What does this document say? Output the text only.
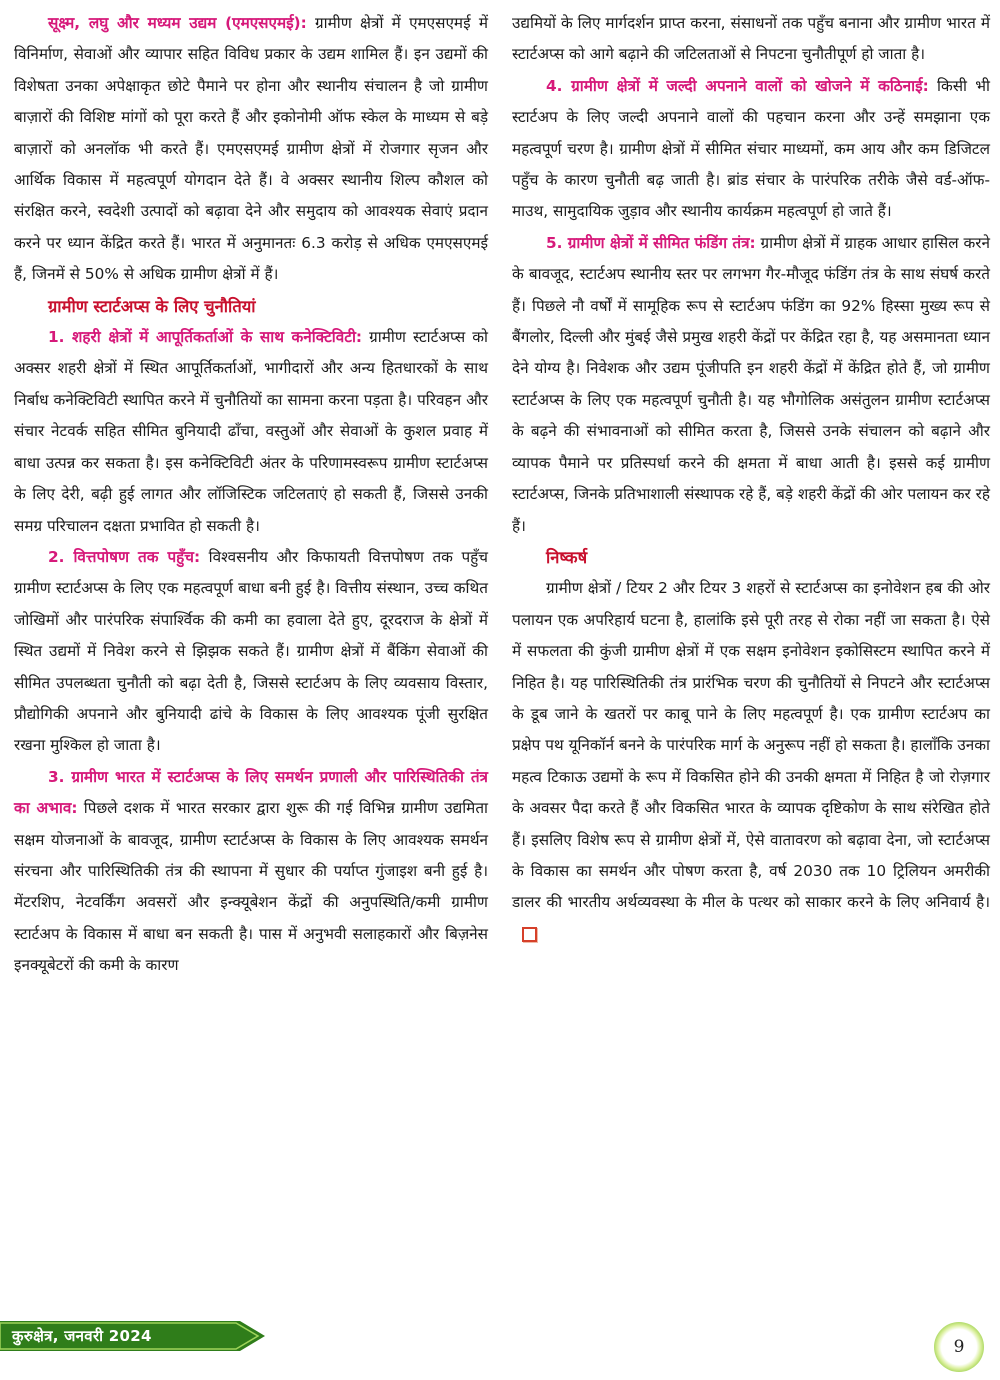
सूक्ष्म, लघु और मध्यम उद्यम (एमएसएमई): ग्रामीण क्षेत्रों में एमएसएमई में विनिर्माण, सेवाओं और व्यापार सहित विविध प्रकार के उद्यम शामिल हैं। इन उद्यमों की विशेषता उनका अपेक्षाकृत छोटे पैमाने पर होना और स्थानीय संचालन है जो ग्रामीण बाज़ारों की विशिष्ट मांगों को पूरा करते हैं और इकोनोमी ऑफ स्केल के माध्यम से बड़े बाज़ारों को अनलॉक भी करते हैं। एमएसएमई ग्रामीण क्षेत्रों में रोजगार सृजन और आर्थिक विकास में महत्वपूर्ण योगदान देते हैं। वे अक्सर स्थानीय शिल्प कौशल को संरक्षित करने, स्वदेशी उत्पादों को बढ़ावा देने और समुदाय को आवश्यक सेवाएं प्रदान करने पर ध्यान केंद्रित करते हैं। भारत में अनुमानतः 6.3 करोड़ से अधिक एमएसएमई हैं, जिनमें से 50% से अधिक ग्रामीण क्षेत्रों में हैं।

ग्रामीण स्टार्टअप्स के लिए चुनौतियां

1. शहरी क्षेत्रों में आपूर्तिकर्ताओं के साथ कनेक्टिविटी: ग्रामीण स्टार्टअप्स को अक्सर शहरी क्षेत्रों में स्थित आपूर्तिकर्ताओं, भागीदारों और अन्य हितधारकों के साथ निर्बाध कनेक्टिविटी स्थापित करने में चुनौतियों का सामना करना पड़ता है। परिवहन और संचार नेटवर्क सहित सीमित बुनियादी ढाँचा, वस्तुओं और सेवाओं के कुशल प्रवाह में बाधा उत्पन्न कर सकता है। इस कनेक्टिविटी अंतर के परिणामस्वरूप ग्रामीण स्टार्टअप्स के लिए देरी, बढ़ी हुई लागत और लॉजिस्टिक जटिलताएं हो सकती हैं, जिससे उनकी समग्र परिचालन दक्षता प्रभावित हो सकती है।

2. वित्तपोषण तक पहुँच: विश्वसनीय और किफायती वित्तपोषण तक पहुँच ग्रामीण स्टार्टअप्स के लिए एक महत्वपूर्ण बाधा बनी हुई है। वित्तीय संस्थान, उच्च कथित जोखिमों और पारंपरिक संपार्श्विक की कमी का हवाला देते हुए, दूरदराज के क्षेत्रों में स्थित उद्यमों में निवेश करने से झिझक सकते हैं। ग्रामीण क्षेत्रों में बैंकिंग सेवाओं की सीमित उपलब्धता चुनौती को बढ़ा देती है, जिससे स्टार्टअप के लिए व्यवसाय विस्तार, प्रौद्योगिकी अपनाने और बुनियादी ढांचे के विकास के लिए आवश्यक पूंजी सुरक्षित रखना मुश्किल हो जाता है।

3. ग्रामीण भारत में स्टार्टअप्स के लिए समर्थन प्रणाली और पारिस्थितिकी तंत्र का अभाव: पिछले दशक में भारत सरकार द्वारा शुरू की गई विभिन्न ग्रामीण उद्यमिता सक्षम योजनाओं के बावजूद, ग्रामीण स्टार्टअप्स के विकास के लिए आवश्यक समर्थन संरचना और पारिस्थितिकी तंत्र की स्थापना में सुधार की पर्याप्त गुंजाइश बनी हुई है। मेंटरशिप, नेटवर्किंग अवसरों और इन्क्यूबेशन केंद्रों की अनुपस्थिति/कमी ग्रामीण स्टार्टअप के विकास में बाधा बन सकती है। पास में अनुभवी सलाहकारों और बिज़नेस इनक्यूबेटरों की कमी के कारण

उद्यमियों के लिए मार्गदर्शन प्राप्त करना, संसाधनों तक पहुँच बनाना और ग्रामीण भारत में स्टार्टअप्स को आगे बढ़ाने की जटिलताओं से निपटना चुनौतीपूर्ण हो जाता है।

4. ग्रामीण क्षेत्रों में जल्दी अपनाने वालों को खोजने में कठिनाई: किसी भी स्टार्टअप के लिए जल्दी अपनाने वालों की पहचान करना और उन्हें समझाना एक महत्वपूर्ण चरण है। ग्रामीण क्षेत्रों में सीमित संचार माध्यमों, कम आय और कम डिजिटल पहुँच के कारण चुनौती बढ़ जाती है। ब्रांड संचार के पारंपरिक तरीके जैसे वर्ड-ऑफ-माउथ, सामुदायिक जुड़ाव और स्थानीय कार्यक्रम महत्वपूर्ण हो जाते हैं।

5. ग्रामीण क्षेत्रों में सीमित फंडिंग तंत्र: ग्रामीण क्षेत्रों में ग्राहक आधार हासिल करने के बावजूद, स्टार्टअप स्थानीय स्तर पर लगभग गैर-मौजूद फंडिंग तंत्र के साथ संघर्ष करते हैं। पिछले नौ वर्षों में सामूहिक रूप से स्टार्टअप फंडिंग का 92% हिस्सा मुख्य रूप से बैंगलोर, दिल्ली और मुंबई जैसे प्रमुख शहरी केंद्रों पर केंद्रित रहा है, यह असमानता ध्यान देने योग्य है। निवेशक और उद्यम पूंजीपति इन शहरी केंद्रों में केंद्रित होते हैं, जो ग्रामीण स्टार्टअप्स के लिए एक महत्वपूर्ण चुनौती है। यह भौगोलिक असंतुलन ग्रामीण स्टार्टअप्स के बढ़ने की संभावनाओं को सीमित करता है, जिससे उनके संचालन को बढ़ाने और व्यापक पैमाने पर प्रतिस्पर्धा करने की क्षमता में बाधा आती है। इससे कई ग्रामीण स्टार्टअप्स, जिनके प्रतिभाशाली संस्थापक रहे हैं, बड़े शहरी केंद्रों की ओर पलायन कर रहे हैं।

निष्कर्ष

ग्रामीण क्षेत्रों / टियर 2 और टियर 3 शहरों से स्टार्टअप्स का इनोवेशन हब की ओर पलायन एक अपरिहार्य घटना है, हालांकि इसे पूरी तरह से रोका नहीं जा सकता है। ऐसे में सफलता की कुंजी ग्रामीण क्षेत्रों में एक सक्षम इनोवेशन इकोसिस्टम स्थापित करने में निहित है। यह पारिस्थितिकी तंत्र प्रारंभिक चरण की चुनौतियों से निपटने और स्टार्टअप्स के डूब जाने के खतरों पर काबू पाने के लिए महत्वपूर्ण है। एक ग्रामीण स्टार्टअप का प्रक्षेप पथ यूनिकॉर्न बनने के पारंपरिक मार्ग के अनुरूप नहीं हो सकता है। हालाँकि उनका महत्व टिकाऊ उद्यमों के रूप में विकसित होने की उनकी क्षमता में निहित है जो रोज़गार के अवसर पैदा करते हैं और विकसित भारत के व्यापक दृष्टिकोण के साथ संरेखित होते हैं। इसलिए विशेष रूप से ग्रामीण क्षेत्रों में, ऐसे वातावरण को बढ़ावा देना, जो स्टार्टअप्स के विकास का समर्थन और पोषण करता है, वर्ष 2030 तक 10 ट्रिलियन अमरीकी डालर की भारतीय अर्थव्यवस्था के मील के पत्थर को साकार करने के लिए अनिवार्य है।

कुरुक्षेत्र, जनवरी 2024
9
